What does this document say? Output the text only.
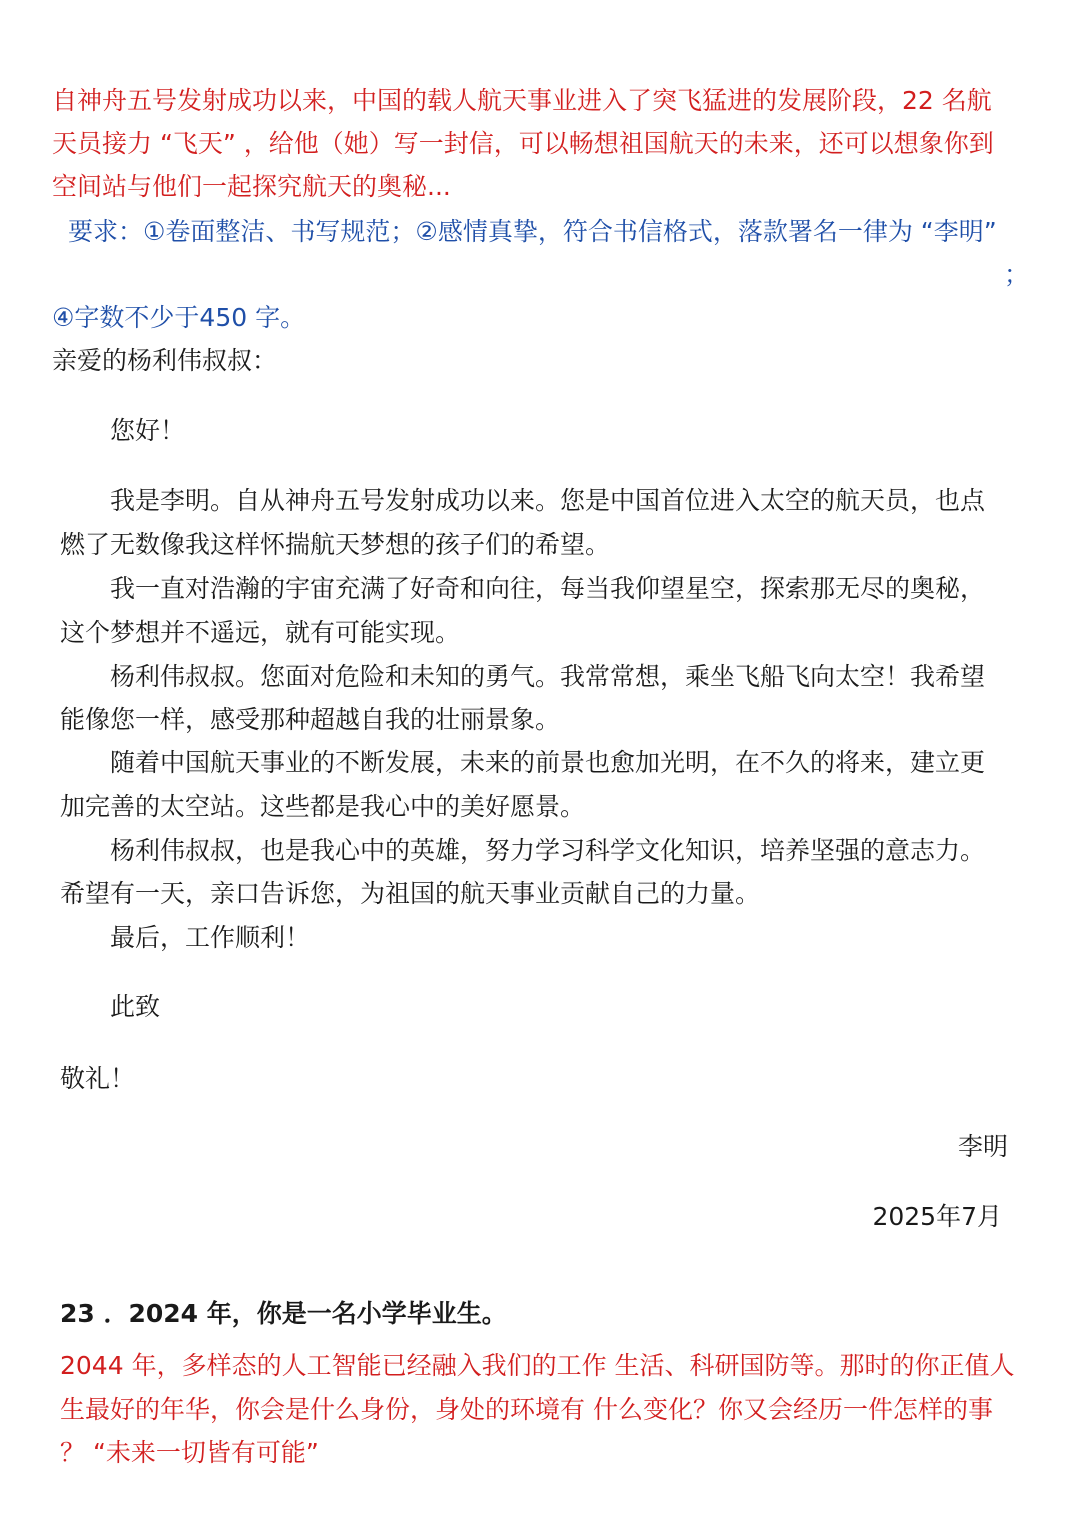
自神舟五号发射成功以来，中国的载人航天事业进入了突飞猛进的发展阶段，22 名航
天员接力 “飞天” ，给他（她）写一封信，可以畅想祖国航天的未来，还可以想象你到
空间站与他们一起探究航天的奥秘...
要求：①卷面整洁、书写规范；②感情真挚，符合书信格式，落款署名一律为 “李明”
；
④字数不少于450 字。
亲爱的杨利伟叔叔：
您好！
我是李明。自从神舟五号发射成功以来。您是中国首位进入太空的航天员，也点
燃了无数像我这样怀揣航天梦想的孩子们的希望。
我一直对浩瀚的宇宙充满了好奇和向往，每当我仰望星空，探索那无尽的奥秘，
这个梦想并不遥远，就有可能实现。
杨利伟叔叔。您面对危险和未知的勇气。我常常想，乘坐飞船飞向太空！我希望
能像您一样，感受那种超越自我的壮丽景象。
随着中国航天事业的不断发展，未来的前景也愈加光明，在不久的将来，建立更
加完善的太空站。这些都是我心中的美好愿景。
杨利伟叔叔，也是我心中的英雄，努力学习科学文化知识，培养坚强的意志力。
希望有一天，亲口告诉您，为祖国的航天事业贡献自己的力量。
最后，工作顺利！
此致
敬礼！
李明
2025年7月
23 ．2024 年，你是一名小学毕业生。
2044 年，多样态的人工智能已经融入我们的工作 生活、科研国防等。那时的你正值人
生最好的年华，你会是什么身份，身处的环境有 什么变化？你又会经历一件怎样的事
？ “未来一切皆有可能”
